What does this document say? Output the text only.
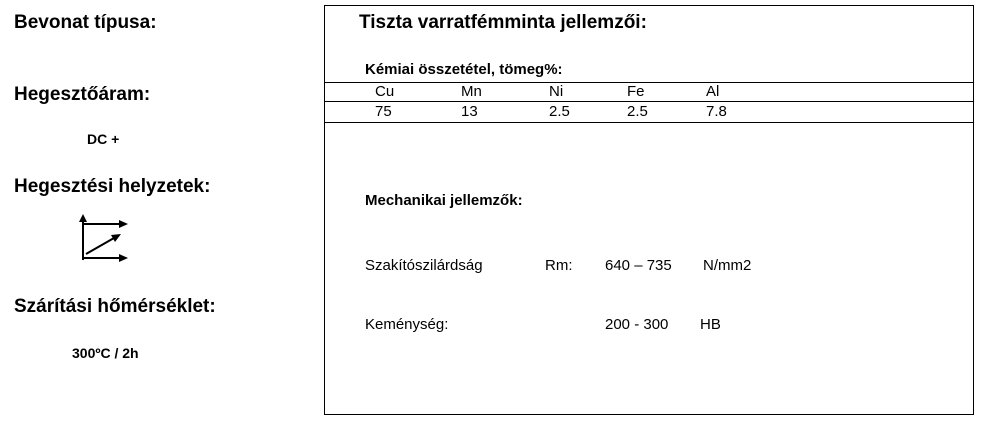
Bevonat típusa:
Hegesztőáram:
DC +
Hegesztési helyzetek:
Szárítási hőmérséklet:
300ºC / 2h
Tiszta varratfémminta jellemzői:
Kémiai összetétel, tömeg%:
Cu	Mn	Ni	Fe	Al
75	13	2.5	2.5	7.8
Mechanikai jellemzők:
Szakítószilárdság	Rm: 640 – 735 N/mm2
Keménység:	200 - 300 HB
